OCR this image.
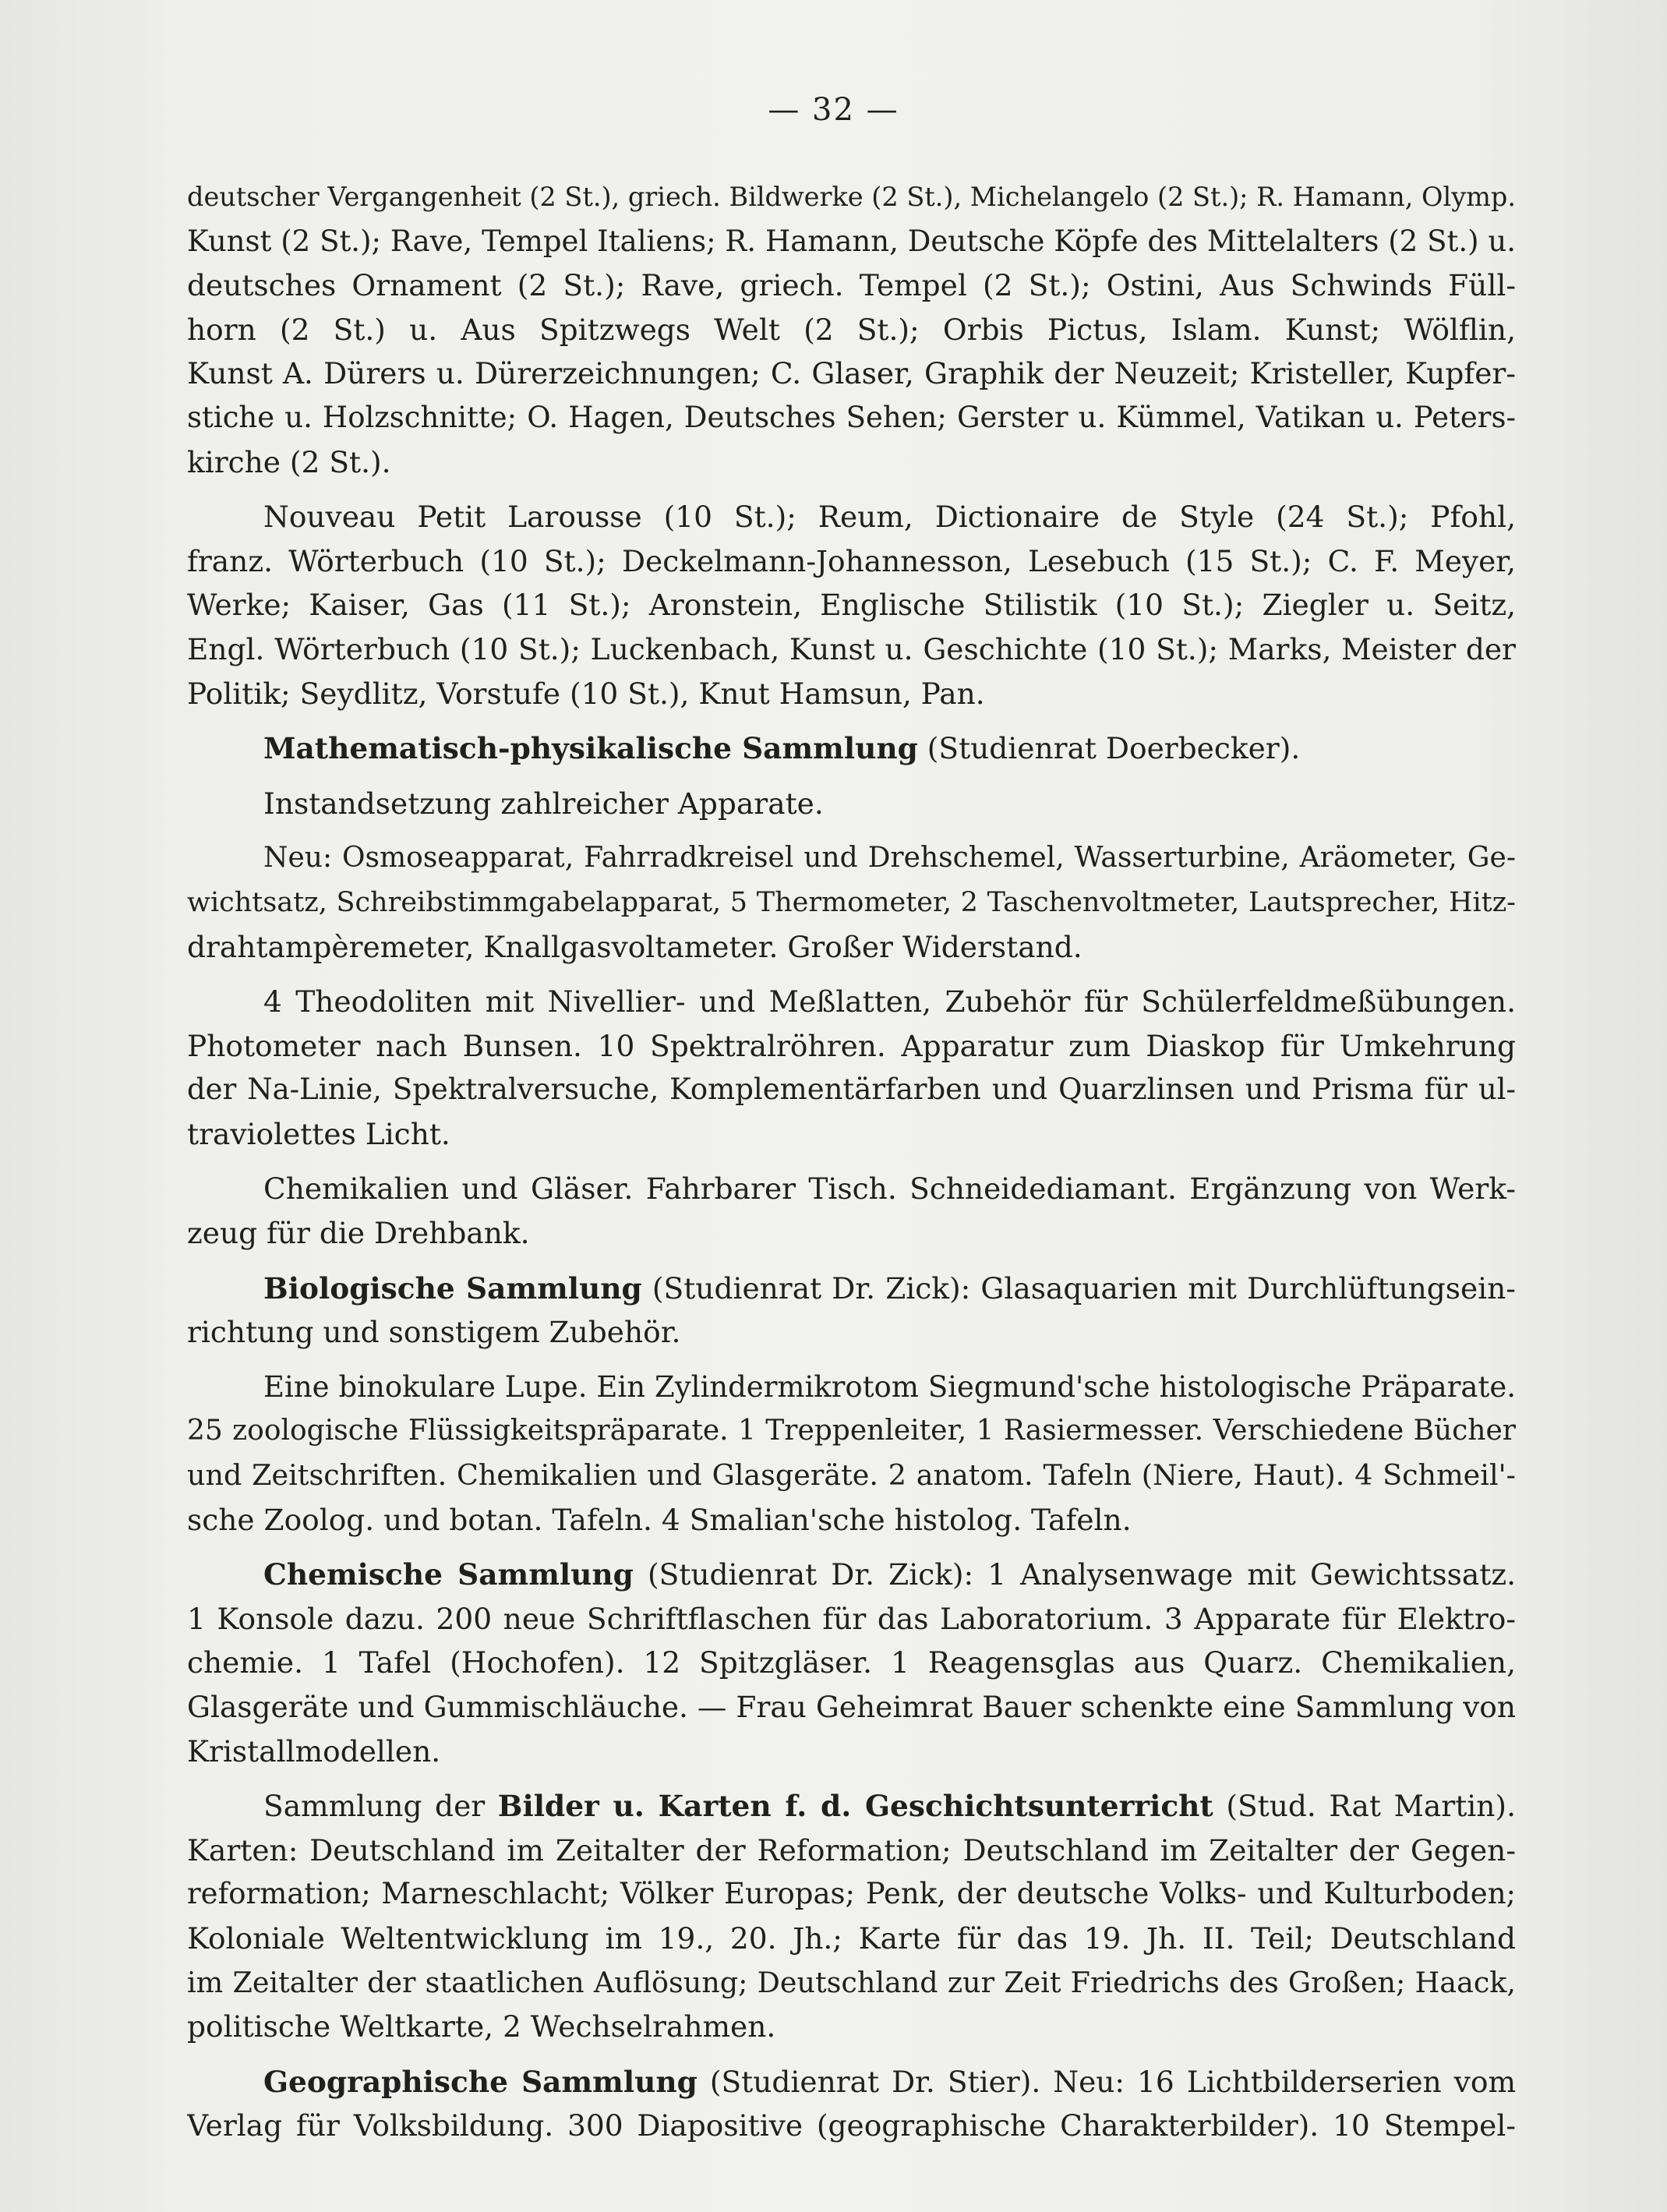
— 32 —
deutscher Vergangenheit (2 St.), griech. Bildwerke (2 St.), Michelangelo (2 St.); R. Hamann, Olymp.
Kunst (2 St.); Rave, Tempel Italiens; R. Hamann, Deutsche Köpfe des Mittelalters (2 St.) u.
deutsches Ornament (2 St.); Rave, griech. Tempel (2 St.); Ostini, Aus Schwinds Füll-
horn (2 St.) u. Aus Spitzwegs Welt (2 St.); Orbis Pictus, Islam. Kunst; Wölflin,
Kunst A. Dürers u. Dürerzeichnungen; C. Glaser, Graphik der Neuzeit; Kristeller, Kupfer-
stiche u. Holzschnitte; O. Hagen, Deutsches Sehen; Gerster u. Kümmel, Vatikan u. Peters-
kirche (2 St.).
Nouveau Petit Larousse (10 St.); Reum, Dictionaire de Style (24 St.); Pfohl,
franz. Wörterbuch (10 St.); Deckelmann-Johannesson, Lesebuch (15 St.); C. F. Meyer,
Werke; Kaiser, Gas (11 St.); Aronstein, Englische Stilistik (10 St.); Ziegler u. Seitz,
Engl. Wörterbuch (10 St.); Luckenbach, Kunst u. Geschichte (10 St.); Marks, Meister der
Politik; Seydlitz, Vorstufe (10 St.), Knut Hamsun, Pan.
Mathematisch-physikalische Sammlung (Studienrat Doerbecker).
Instandsetzung zahlreicher Apparate.
Neu: Osmoseapparat, Fahrradkreisel und Drehschemel, Wasserturbine, Aräometer, Ge-
wichtsatz, Schreibstimmgabelapparat, 5 Thermometer, 2 Taschenvoltmeter, Lautsprecher, Hitz-
drahtampèremeter, Knallgasvoltameter. Großer Widerstand.
4 Theodoliten mit Nivellier- und Meßlatten, Zubehör für Schülerfeldmeßübungen.
Photometer nach Bunsen. 10 Spektralröhren. Apparatur zum Diaskop für Umkehrung
der Na-Linie, Spektralversuche, Komplementärfarben und Quarzlinsen und Prisma für ul-
traviolettes Licht.
Chemikalien und Gläser. Fahrbarer Tisch. Schneidediamant. Ergänzung von Werk-
zeug für die Drehbank.
Biologische Sammlung (Studienrat Dr. Zick): Glasaquarien mit Durchlüftungsein-
richtung und sonstigem Zubehör.
Eine binokulare Lupe. Ein Zylindermikrotom Siegmund'sche histologische Präparate.
25 zoologische Flüssigkeitspräparate. 1 Treppenleiter, 1 Rasiermesser. Verschiedene Bücher
und Zeitschriften. Chemikalien und Glasgeräte. 2 anatom. Tafeln (Niere, Haut). 4 Schmeil'-
sche Zoolog. und botan. Tafeln. 4 Smalian'sche histolog. Tafeln.
Chemische Sammlung (Studienrat Dr. Zick): 1 Analysenwage mit Gewichtssatz.
1 Konsole dazu. 200 neue Schriftflaschen für das Laboratorium. 3 Apparate für Elektro-
chemie. 1 Tafel (Hochofen). 12 Spitzgläser. 1 Reagensglas aus Quarz. Chemikalien,
Glasgeräte und Gummischläuche. — Frau Geheimrat Bauer schenkte eine Sammlung von
Kristallmodellen.
Sammlung der Bilder u. Karten f. d. Geschichtsunterricht (Stud. Rat Martin).
Karten: Deutschland im Zeitalter der Reformation; Deutschland im Zeitalter der Gegen-
reformation; Marneschlacht; Völker Europas; Penk, der deutsche Volks- und Kulturboden;
Koloniale Weltentwicklung im 19., 20. Jh.; Karte für das 19. Jh. II. Teil; Deutschland
im Zeitalter der staatlichen Auflösung; Deutschland zur Zeit Friedrichs des Großen; Haack,
politische Weltkarte, 2 Wechselrahmen.
Geographische Sammlung (Studienrat Dr. Stier). Neu: 16 Lichtbilderserien vom
Verlag für Volksbildung. 300 Diapositive (geographische Charakterbilder). 10 Stempel-
